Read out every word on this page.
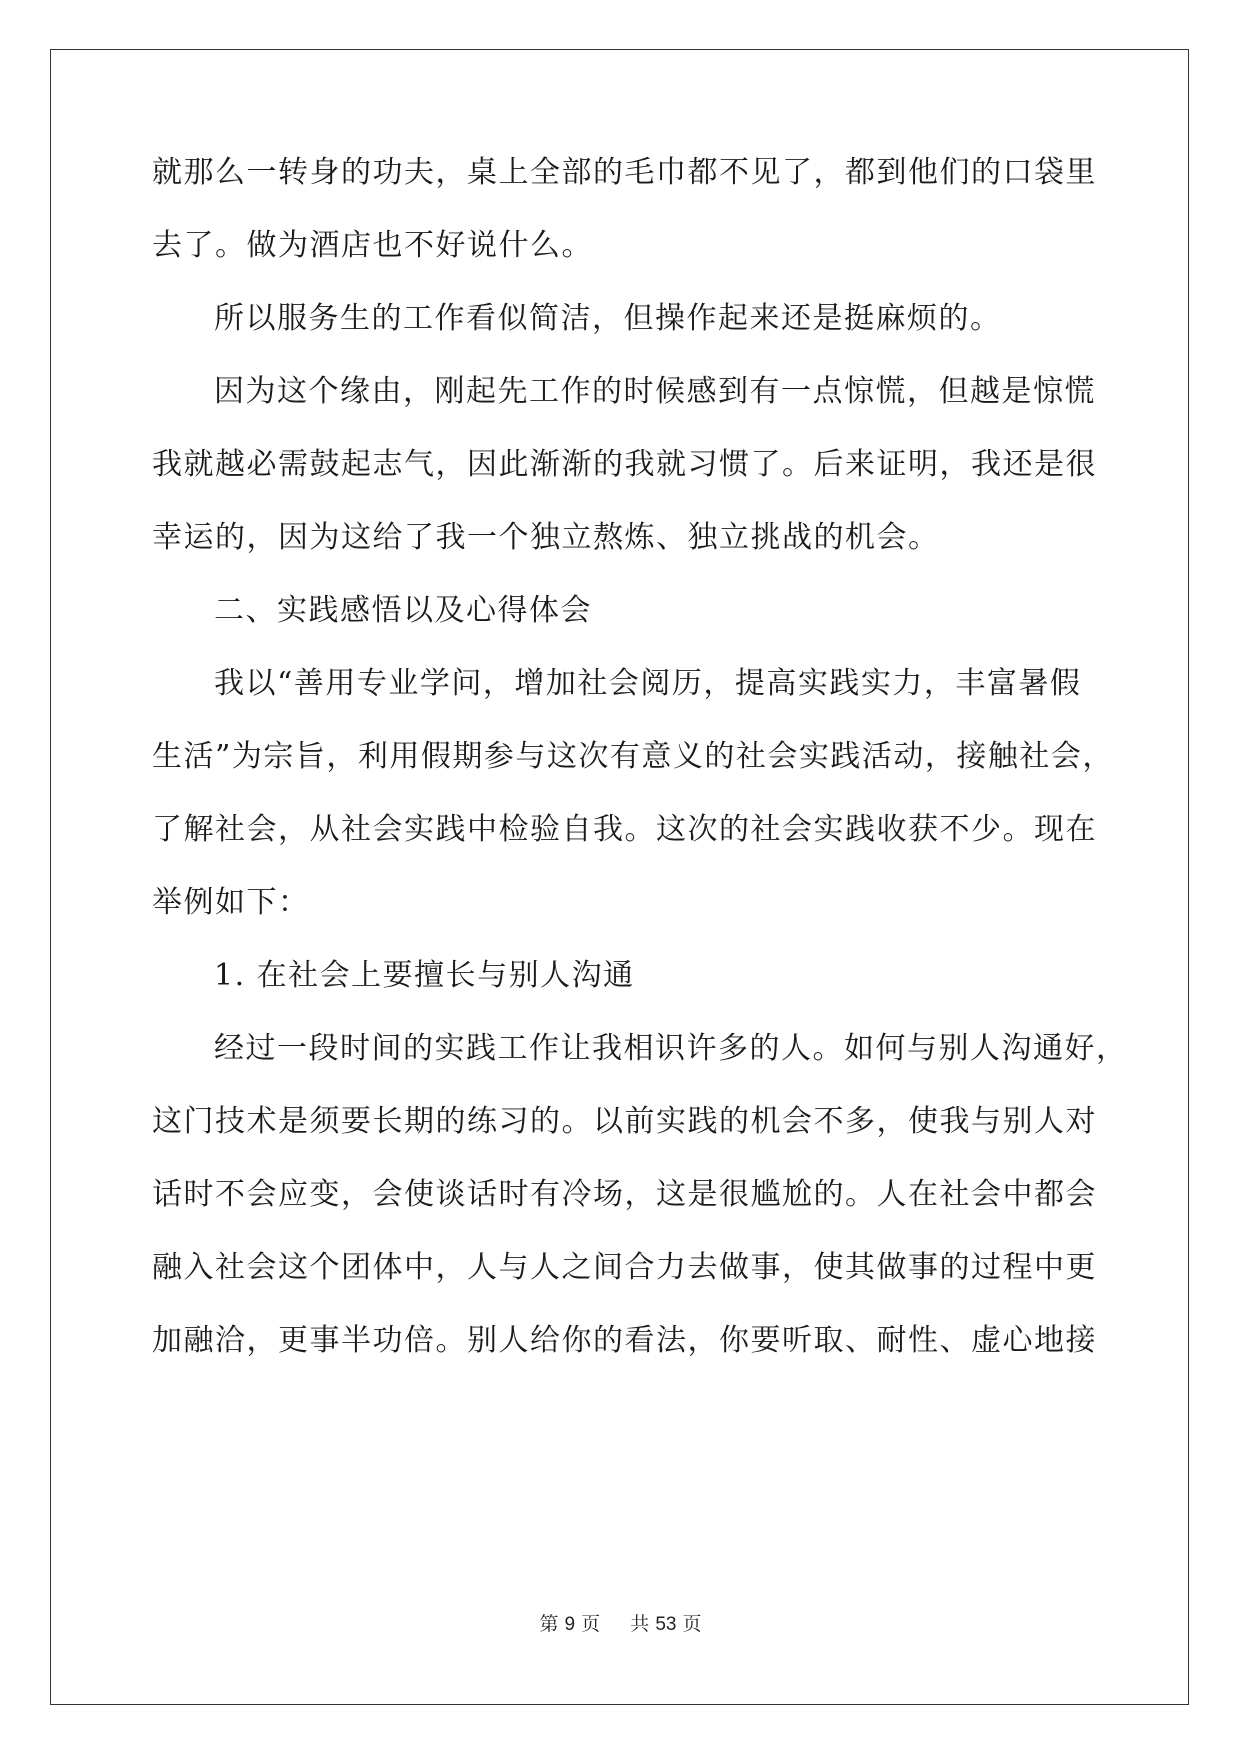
就那么一转身的功夫，桌上全部的毛巾都不见了，都到他们的口袋里
去了。做为酒店也不好说什么。
所以服务生的工作看似简洁，但操作起来还是挺麻烦的。
因为这个缘由，刚起先工作的时候感到有一点惊慌，但越是惊慌
我就越必需鼓起志气，因此渐渐的我就习惯了。后来证明，我还是很
幸运的，因为这给了我一个独立熬炼、独立挑战的机会。
二、实践感悟以及心得体会
我以“善用专业学问，增加社会阅历，提高实践实力，丰富暑假
生活”为宗旨，利用假期参与这次有意义的社会实践活动，接触社会，
了解社会，从社会实践中检验自我。这次的社会实践收获不少。现在
举例如下：
1. 在社会上要擅长与别人沟通
经过一段时间的实践工作让我相识许多的人。如何与别人沟通好，
这门技术是须要长期的练习的。以前实践的机会不多，使我与别人对
话时不会应变，会使谈话时有冷场，这是很尴尬的。人在社会中都会
融入社会这个团体中，人与人之间合力去做事，使其做事的过程中更
加融洽，更事半功倍。别人给你的看法，你要听取、耐性、虚心地接
第 9 页 共 53 页
